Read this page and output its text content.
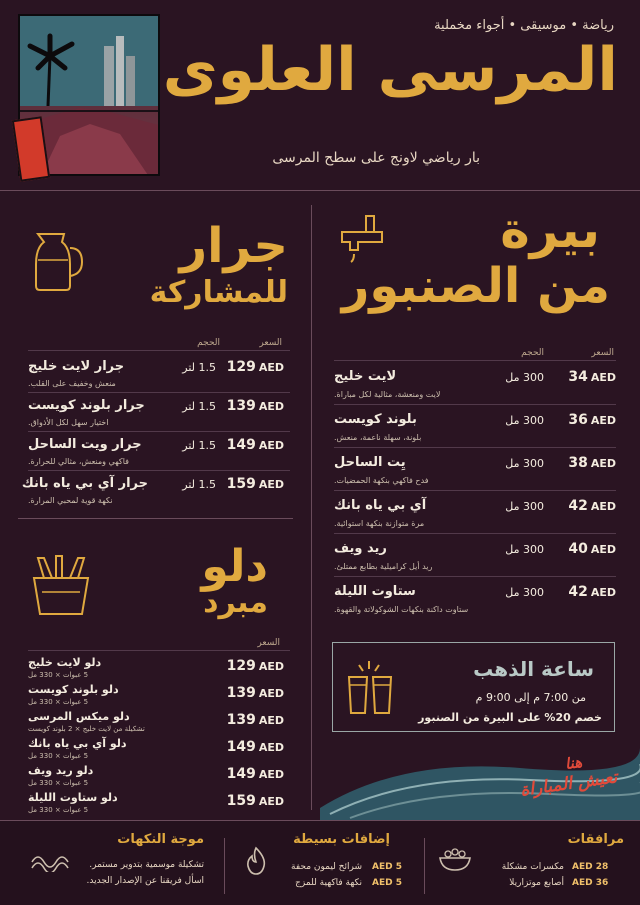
رياضة • موسيقى • أجواء مخملية
المرسى العلوى
بار رياضي لاونج على سطح المرسى
بيرة
من الصنبور
السعر
الحجم
34 AED
300 مل
لايت خليج
لايت ومنعشة، مثالية لكل مباراة.
36 AED
300 مل
بلوند كويست
بلونة، سهلة ناعمة، منعش.
38 AED
300 مل
يِت الساحل
فدح فاكهي بنكهة الحمضيات.
42 AED
300 مل
آي بي ياه بانك
مرة متوازنة بنكهة استوائية.
40 AED
300 مل
ريد ويف
ريد أيل كراميلية بطابع ممتلئ.
42 AED
300 مل
ستاوت الليلة
ستاوت داكنة بنكهات الشوكولاتة والقهوة.
جرار
للمشاركة
السعر
الحجم
129 AED
1.5 لتر
جرار لايت خليج
منعش وخفيف على القلب.
139 AED
1.5 لتر
جرار بلوند كويست
اختيار سهل لكل الأذواق.
149 AED
1.5 لتر
جرار ويت الساحل
فاكهي ومنعش، مثالي للحرارة.
159 AED
1.5 لتر
جرار آي بي ياه بانك
نكهة قوية لمحبي المرارة.
دلو
مبرد
السعر
129 AED
دلو لايت خليج
5 عبوات × 330 مل
139 AED
دلو بلوند كويست
5 عبوات × 330 مل
139 AED
دلو ميكس المرسى
تشكيلة من لايت خليج × 2 بلوند كويست
149 AED
دلو آي بي ياه بانك
5 عبوات × 330 مل
149 AED
دلو ريد ويف
5 عبوات × 330 مل
159 AED
دلو ستاوت الليلة
5 عبوات × 330 مل
ساعة الذهب
من 7:00 م إلى 9:00 م
خصم 20% على البيرة من الصنبور
هنا
تعيش المباراة
مرافقات
28 AED
مكسرات مشكلة
36 AED
أصابع موتزاريلا
إضافات بسيطة
5 AED
شرائح ليمون محفة
5 AED
نكهة فاكهية للمزج
موجة النكهات
تشكيلة موسمية بتدوير مستمر.
اسأل فريقنا عن الإصدار الجديد.
